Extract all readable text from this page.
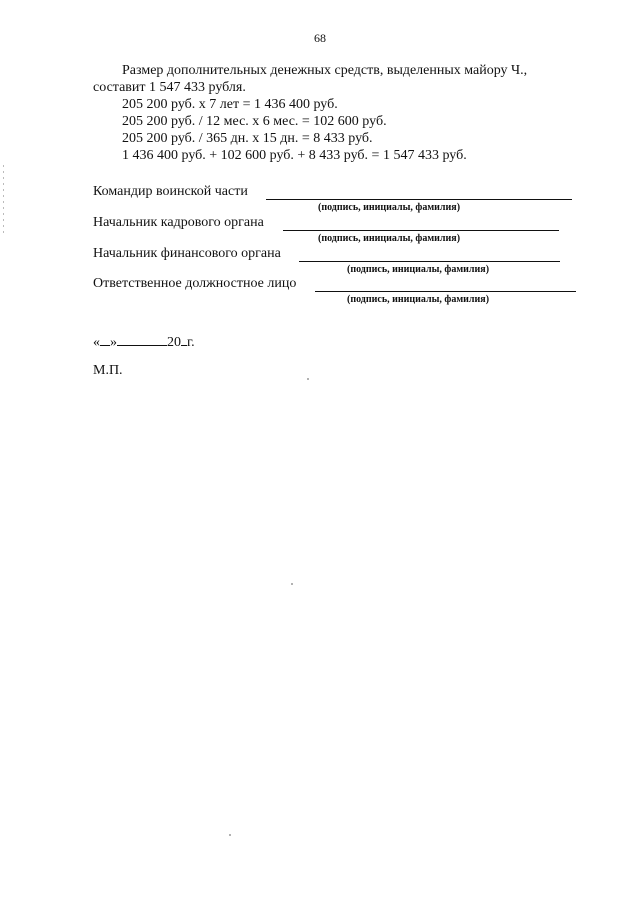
68
Размер дополнительных денежных средств, выделенных майору Ч.,
составит 1 547 433 рубля.
205 200 руб. х 7 лет = 1 436 400 руб.
205 200 руб. / 12 мес. х 6 мес. = 102 600 руб.
205 200 руб. / 365 дн. х 15 дн. = 8 433 руб.
1 436 400 руб. + 102 600 руб. + 8 433 руб. = 1 547 433 руб.
Командир воинской части
(подпись, инициалы, фамилия)
Начальник кадрового органа
(подпись, инициалы, фамилия)
Начальник финансового органа
(подпись, инициалы, фамилия)
Ответственное должностное лицо
(подпись, инициалы, фамилия)
« »	20 г.
М.П.
